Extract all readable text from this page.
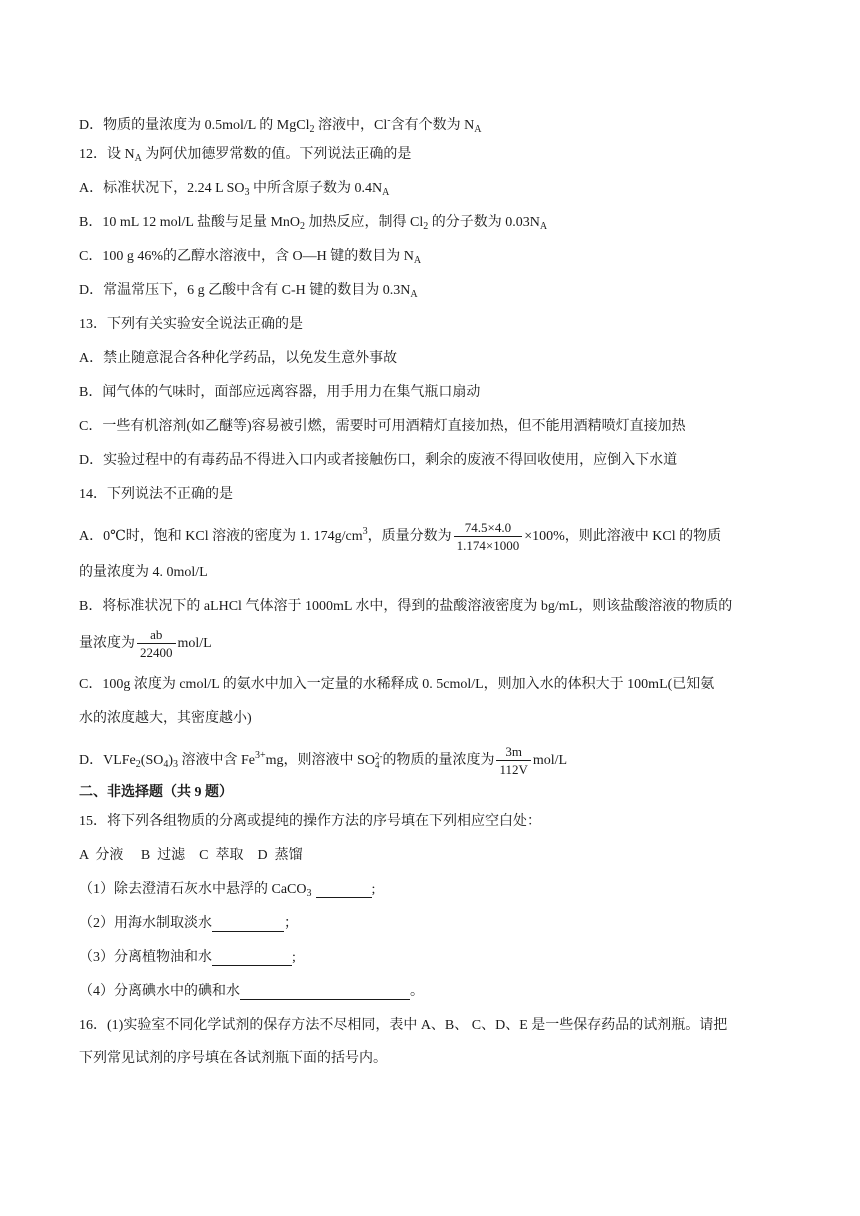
D．物质的量浓度为 0.5mol/L 的 MgCl$_2$ 溶液中，Cl-含有个数为 $N_A$
12．设 $N_A$ 为阿伏加德罗常数的值。下列说法正确的是
A．标准状况下，2.24 L $SO_3$ 中所含原子数为 $0.4N_A$
B．10 mL 12 mol/L 盐酸与足量 MnO$_2$ 加热反应，制得 $Cl_2$ 的分子数为 $0.03N_A$
C．100 g 46%的乙醇水溶液中，含 O—H 键的数目为 $N_A$
D．常温常压下，6 g 乙酸中含有 C-H 键的数目为 $0.3N_A$
13．下列有关实验安全说法正确的是
A．禁止随意混合各种化学药品，以免发生意外事故
B．闻气体的气味时，面部应远离容器，用手用力在集气瓶口扇动
C．一些有机溶剂(如乙醚等)容易被引燃，需要时可用酒精灯直接加热，但不能用酒精喷灯直接加热
D．实验过程中的有毒药品不得进入口内或者接触伤口，剩余的废液不得回收使用，应倒入下水道
14．下列说法不正确的是
A．0℃时，饱和 KCl 溶液的密度为 1. $174g/cm^3$，质量分数为 $\frac{74.5\times 4.0}{1.174\times 1000} \times 100\%$，则此溶液中 KCl 的物质
的量浓度为 4. 0mol/L
B．将标准状况下的 aLHCl 气体溶于 1000mL 水中，得到的盐酸溶液密度为 bg/mL，则该盐酸溶液的物质的
量浓度为 $\frac{ab}{22400} mol/L$
C．100g 浓度为 cmol/L 的氨水中加入一定量的水稀释成 0. 5cmol/L，则加入水的体积大于 100mL(已知氨
水的浓度越大，其密度越小)
D．$VLFe_2(SO_4)_3$ 溶液中含 $Fe^{3+}mg$，则溶液中 SO 2-
4 的物质的量浓度为 $\frac{3m}{112V} mol/L$
二、非选择题（共 9 题）
15．将下列各组物质的分离或提纯的操作方法的序号填在下列相应空白处：
A  分液     B  过滤    C  萃取    D  蒸馏
（1）除去澄清石灰水中悬浮的 CaCO$_3$	;
（2）用海水制取淡水	；
（3）分离植物油和水	;
（4）分离碘水中的碘和水	。
16．(1)实验室不同化学试剂的保存方法不尽相同，表中 A、B、 C、D、E 是一些保存药品的试剂瓶。请把
下列常见试剂的序号填在各试剂瓶下面的括号内。
